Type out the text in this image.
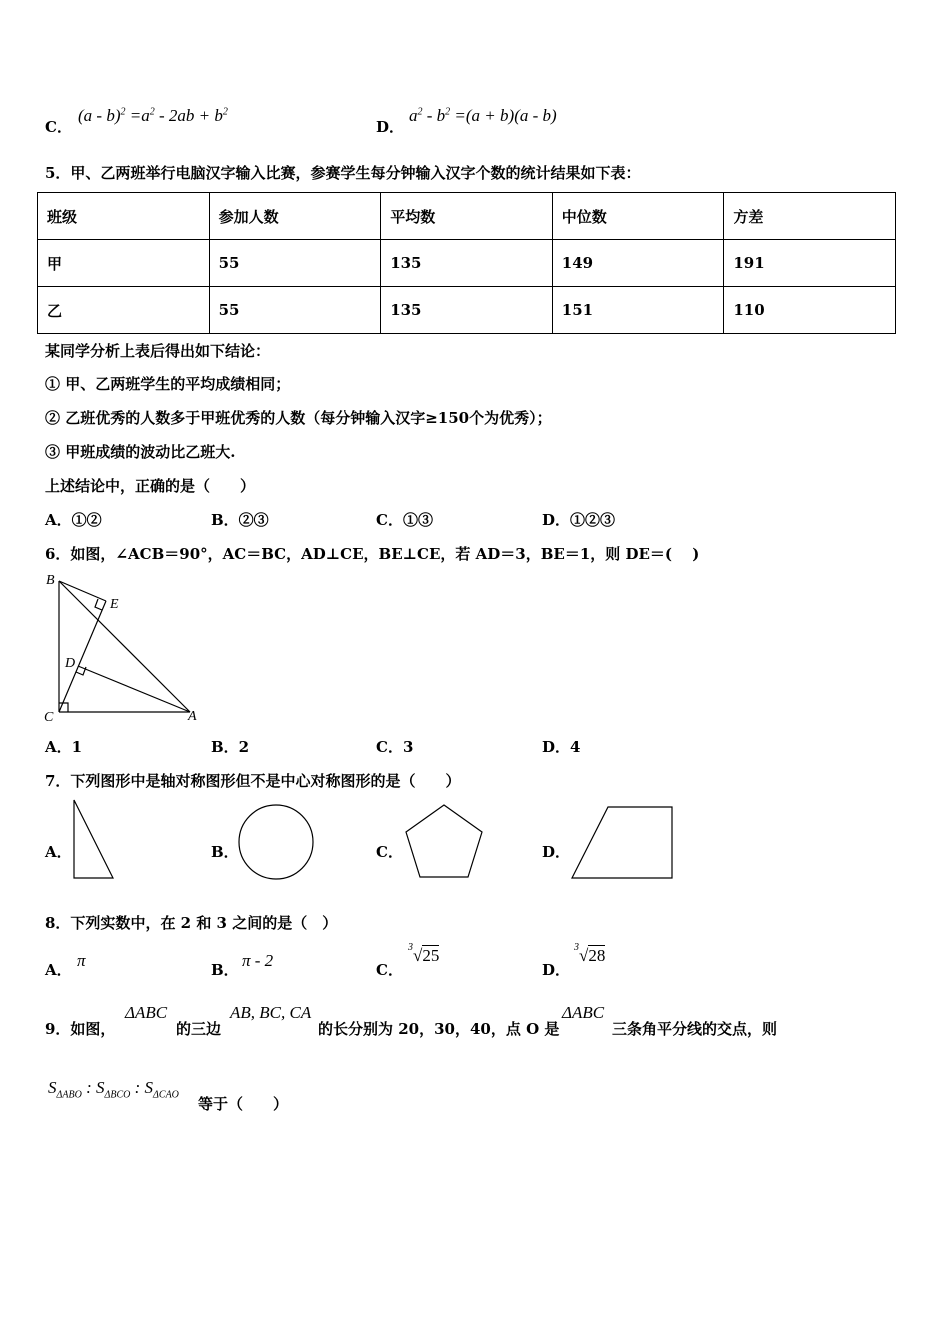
C．
$(a - b)^2 =a^2 - 2ab + b^2$
D．
$a^2 - b^2 =(a + b)(a - b)$
5．甲、乙两班举行电脑汉字输入比赛，参赛学生每分钟输入汉字个数的统计结果如下表：
班级	参加人数	平均数	中位数	方差
甲	55	135	149	191
乙	55	135	151	110
某同学分析上表后得出如下结论：
① 甲、乙两班学生的平均成绩相同；
② 乙班优秀的人数多于甲班优秀的人数（每分钟输入汉字≥150个为优秀）；
③ 甲班成绩的波动比乙班大.
上述结论中，正确的是（　　）
A．①②	B．②③	C．①③	D．①②③
6．如图，∠ACB＝90°，AC＝BC，AD⊥CE，BE⊥CE，若 AD＝3，BE＝1，则 DE＝(　 )
B
E
D
C	A
A．1	B．2	C．3	D．4
7．下列图形中是轴对称图形但不是中心对称图形的是（　　）
A．	B．	C．	D．
8．下列实数中，在 2 和 3 之间的是（　）
A． π	B． π - 2	C．
$^3$√25
D．
$^3$√28
9．如图，
ΔABC
的三边
AB, BC, CA
的长分别为 20，30，40，点 O 是
ΔABC
三条角平分线的交点，则
$S_{\Delta ABO}$ : $S_{\Delta BCO}$ : $S_{\Delta CAO}$
等于（　　）
